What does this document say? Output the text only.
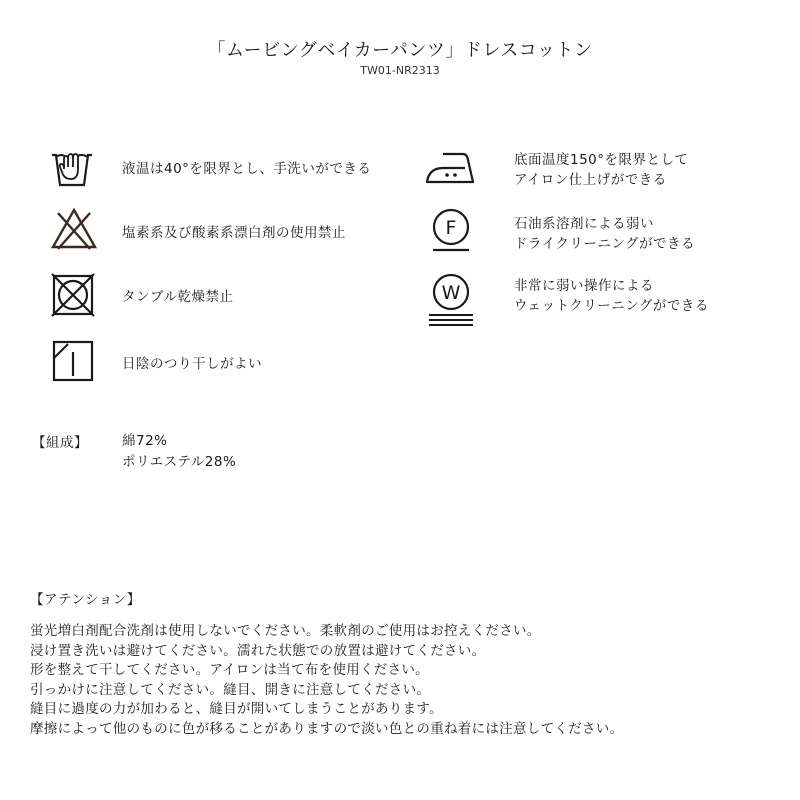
「ムービングベイカーパンツ」ドレスコットン
TW01-NR2313
液温は40°を限界とし、手洗いができる
塩素系及び酸素系漂白剤の使用禁止
タンブル乾燥禁止
日陰のつり干しがよい
底面温度150°を限界として
アイロン仕上げができる
F	石油系溶剤による弱い
ドライクリーニングができる
W	非常に弱い操作による
ウェットクリーニングができる
【組成】	綿72%
ポリエステル28%
【アテンション】
蛍光増白剤配合洗剤は使用しないでください。柔軟剤のご使用はお控えください。
浸け置き洗いは避けてください。濡れた状態での放置は避けてください。
形を整えて干してください。アイロンは当て布を使用ください。
引っかけに注意してください。縫目、開きに注意してください。
縫目に過度の力が加わると、縫目が開いてしまうことがあります。
摩擦によって他のものに色が移ることがありますので淡い色との重ね着には注意してください。
